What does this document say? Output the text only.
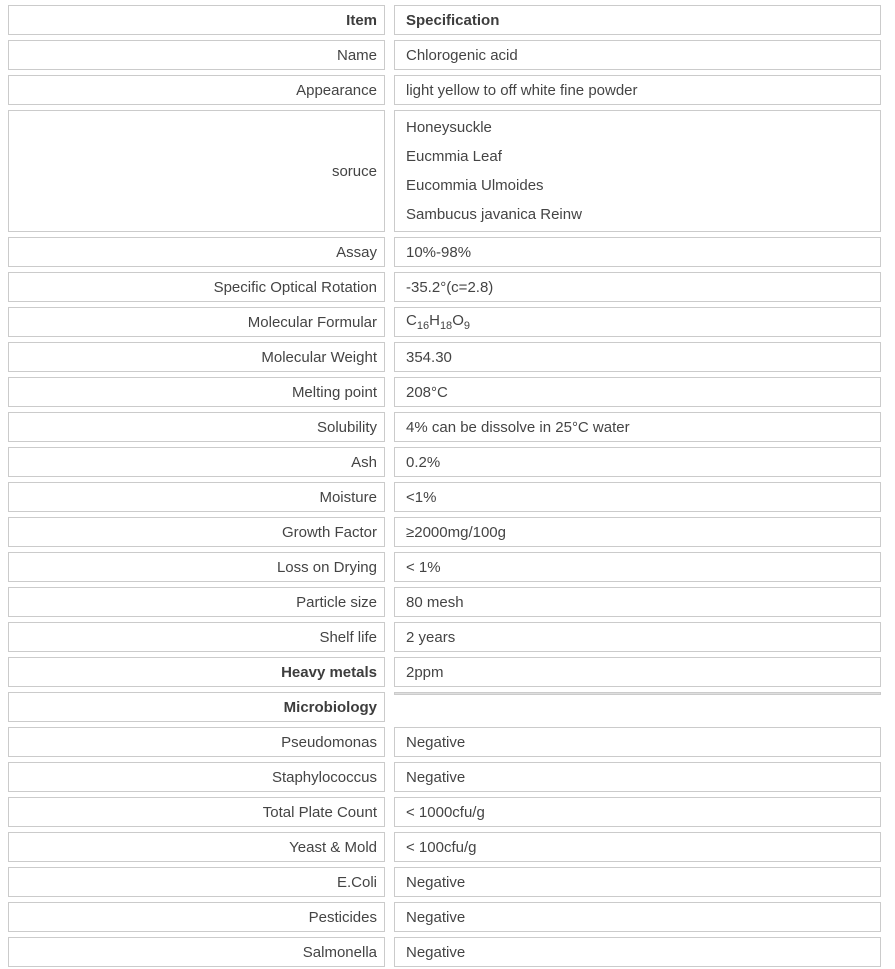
Item Specification
Name Chlorogenic acid
Appearance light yellow to off white fine powder
soruce
Honeysuckle
Eucmmia Leaf
Eucommia Ulmoides
Sambucus javanica Reinw
Assay 10%-98%
Specific Optical Rotation -35.2°(c=2.8)
Molecular Formular $C_{16}H_{18}O_9$
Molecular Weight 354.30
Melting point 208°C
Solubility 4% can be dissolve in 25°C water
Ash 0.2%
Moisture <1%
Growth Factor ≥2000mg/100g
Loss on Drying < 1%
Particle size 80 mesh
Shelf life 2 years
Heavy metals 2ppm
Microbiology
Pseudomonas Negative
Staphylococcus Negative
Total Plate Count < 1000cfu/g
Yeast & Mold < 100cfu/g
E.Coli Negative
Pesticides Negative
Salmonella Negative
